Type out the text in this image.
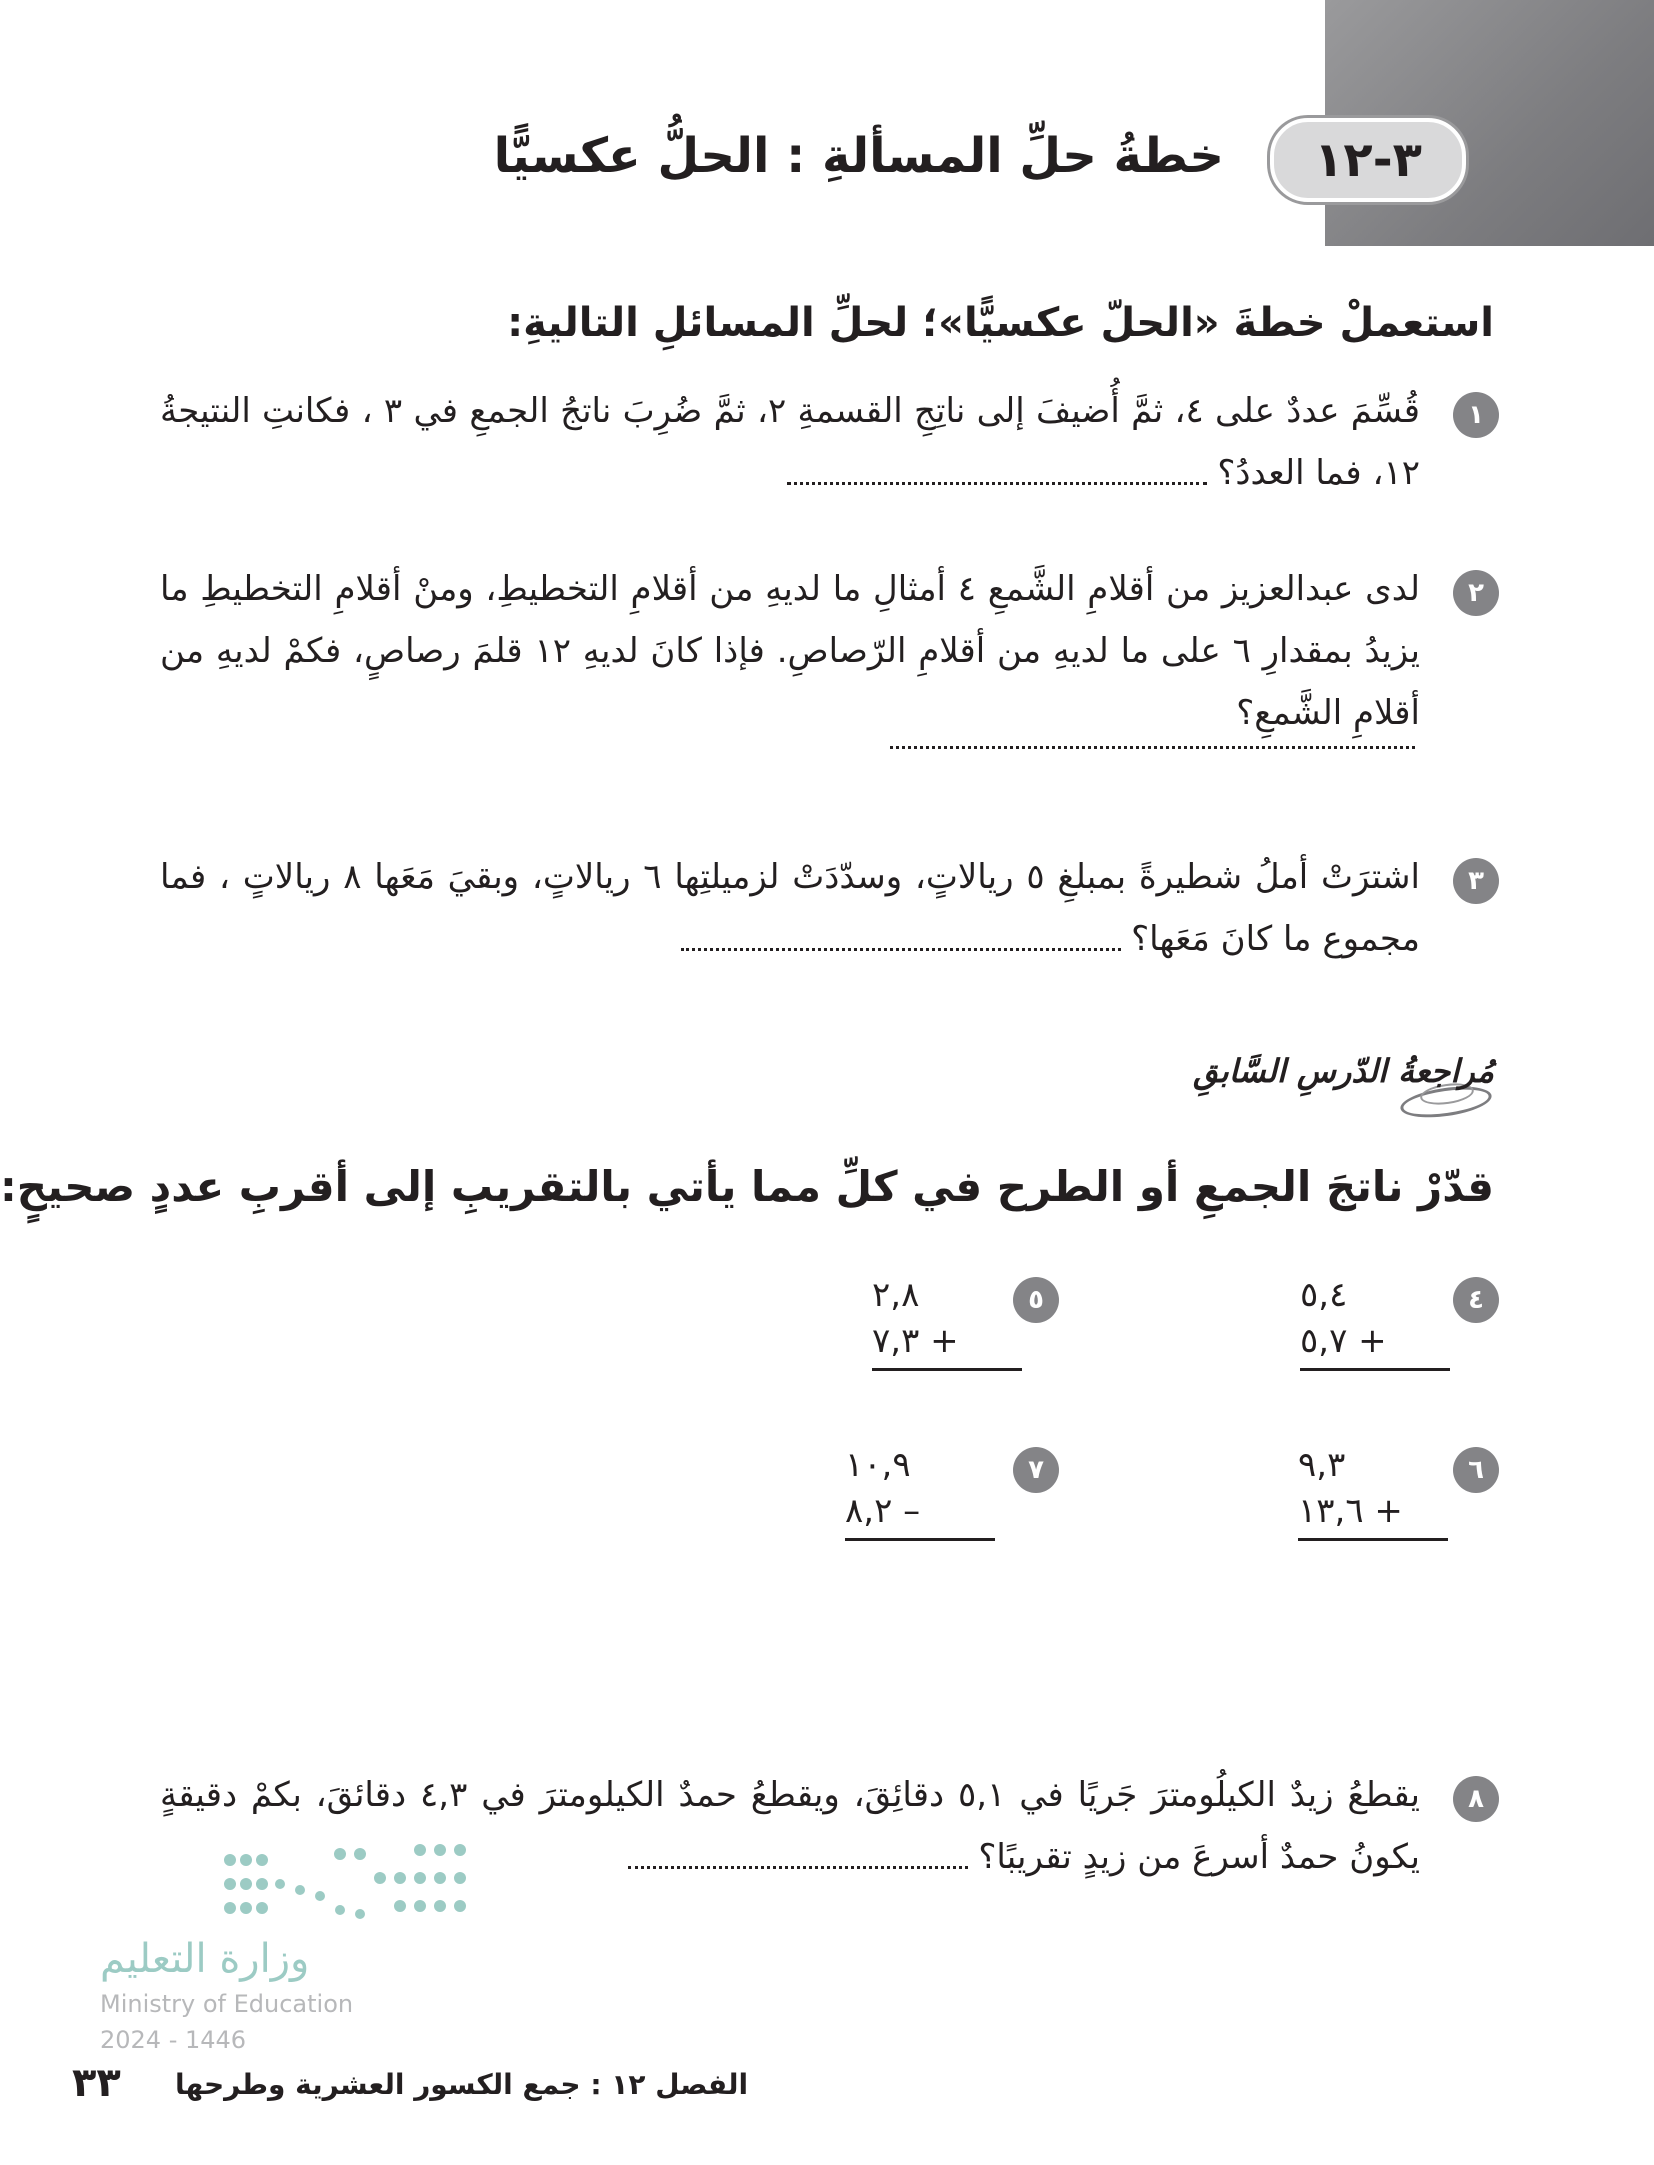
٣-١٢
خطةُ حلِّ المسألةِ : الحلُّ عكسيًّا
استعملْ خطةَ «الحلّ عكسيًّا»؛ لحلِّ المسائلِ التاليةِ:
١
قُسِّمَ عددٌ على ٤، ثمَّ أُضيفَ إلى ناتِجِ القسمةِ ٢، ثمَّ ضُرِبَ ناتجُ الجمعِ في ٣ ، فكانتِ النتيجةُ ١٢، فما العددُ؟
٢
لدى عبدالعزيز من أقلامِ الشَّمعِ ٤ أمثالِ ما لديهِ من أقلامِ التخطيطِ، ومنْ أقلامِ التخطيطِ ما يزيدُ بمقدارِ ٦ على ما لديهِ من أقلامِ الرّصاصِ. فإذا كانَ لديهِ ١٢ قلمَ رصاصٍ، فكمْ لديهِ من أقلامِ الشَّمعِ؟
٣
اشترَتْ أملُ شطيرةً بمبلغِ ٥ ريالاتٍ، وسدّدَتْ لزميلتِها ٦ ريالاتٍ، وبقيَ مَعَها ٨ ريالاتٍ ، فما مجموع ما كانَ مَعَها؟
مُراجعةُ الدّرسِ السَّابقِ
قدّرْ ناتجَ الجمعِ أو الطرح في كلِّ مما يأتي بالتقريبِ إلى أقربِ عددٍ صحيحٍ:
٤
٥,٤
+ ٥,٧
٥
٢,٨
+ ٧,٣
٦
٩,٣
+ ١٣,٦
٧
١٠,٩
– ٨,٢
٨
يقطعُ زيدٌ الكيلُومترَ جَريًا في ٥,١ دقائِقَ، ويقطعُ حمدٌ الكيلومترَ في ٤,٣ دقائقَ، بكمْ دقيقةٍ يكونُ حمدٌ أسرعَ من زيدٍ تقريبًا؟
وزارة التعليم
Ministry of Education
2024 - 1446
٣٣ الفصل ١٢ : جمع الكسور العشرية وطرحها
